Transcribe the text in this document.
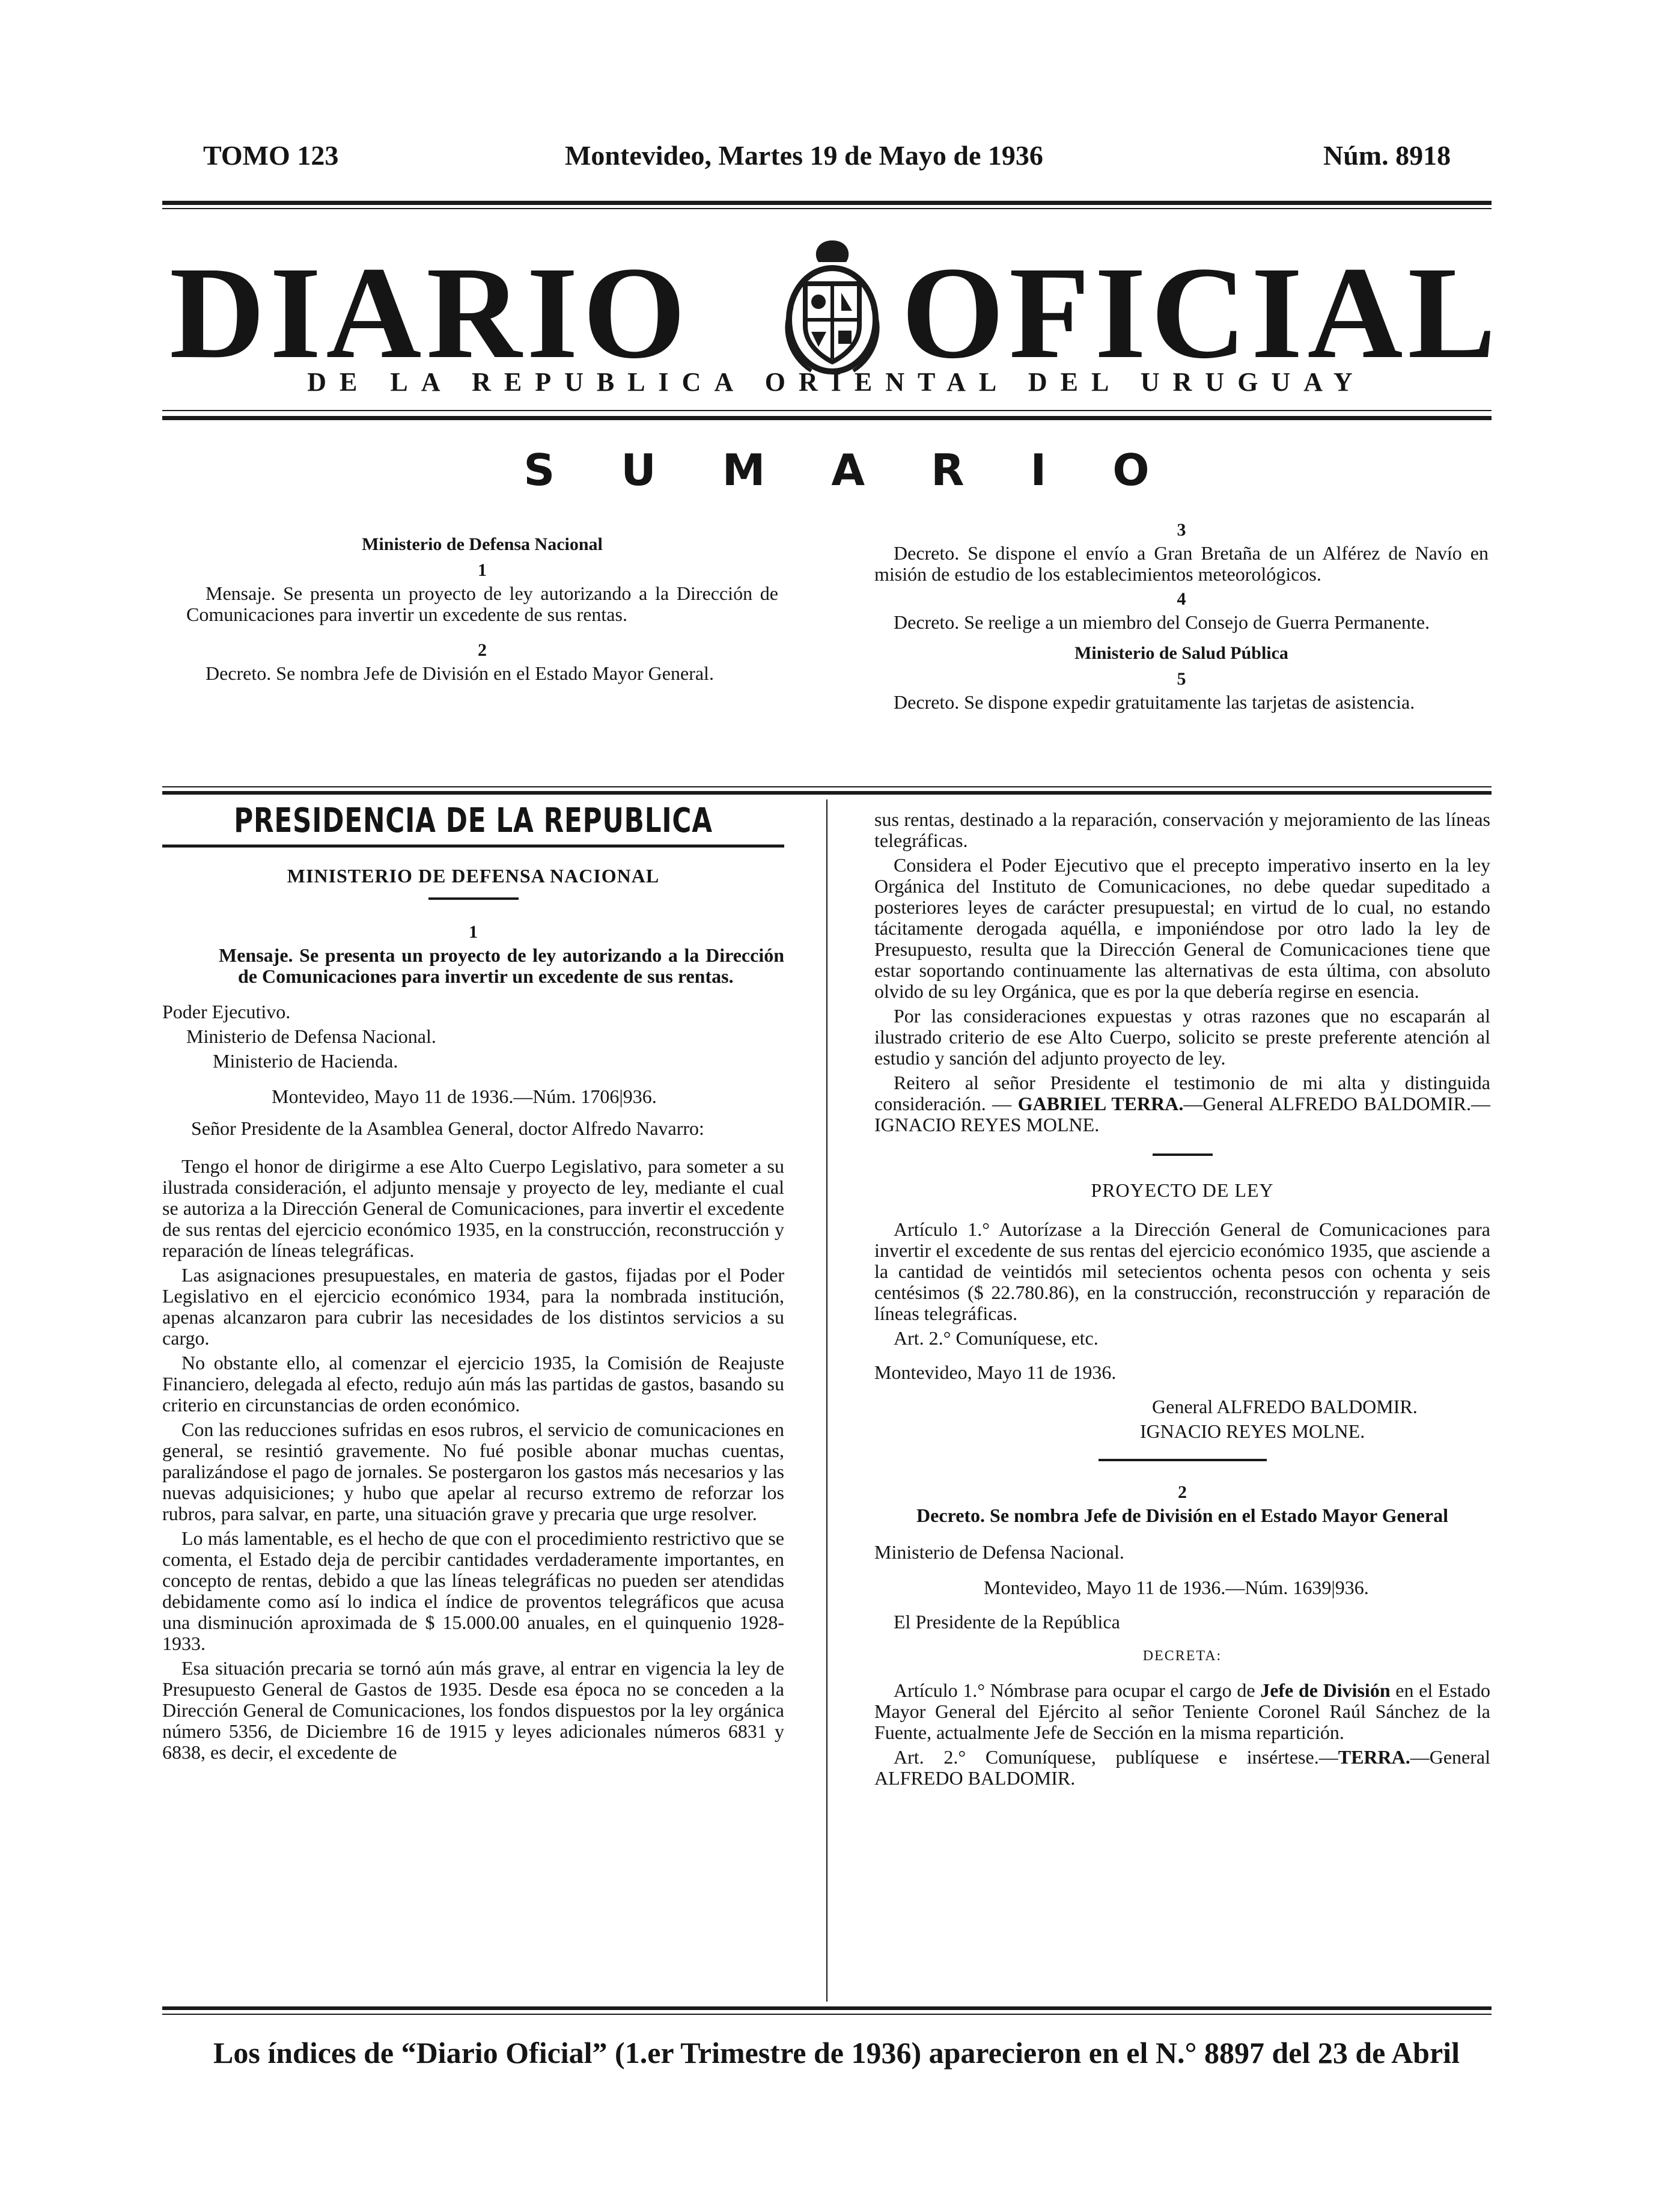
TOMO 123	Montevideo, Martes 19 de Mayo de 1936	Núm. 8918
DIARIO OFICIAL
DE LA REPUBLICA ORIENTAL DEL URUGUAY
SUMARIO
Ministerio de Defensa Nacional
1

Mensaje. Se presenta un proyecto de ley autorizando a la Dirección de Comunicaciones para invertir un excedente de sus rentas.

2

Decreto. Se nombra Jefe de División en el Estado Mayor General.

3

Decreto. Se dispone el envío a Gran Bretaña de un Alférez de Navío en misión de estudio de los establecimientos meteorológicos.

4

Decreto. Se reelige a un miembro del Consejo de Guerra Permanente.

Ministerio de Salud Pública
5

Decreto. Se dispone expedir gratuitamente las tarjetas de asistencia.

PRESIDENCIA DE LA REPUBLICA
MINISTERIO DE DEFENSA NACIONAL
1

Mensaje. Se presenta un proyecto de ley autorizando a la Dirección de Comunicaciones para invertir un excedente de sus rentas.

Poder Ejecutivo.

Ministerio de Defensa Nacional.

Ministerio de Hacienda.

Montevideo, Mayo 11 de 1936.—Núm. 1706|936.

Señor Presidente de la Asamblea General, doctor Alfredo Navarro:

Tengo el honor de dirigirme a ese Alto Cuerpo Legislativo, para someter a su ilustrada consideración, el adjunto mensaje y proyecto de ley, mediante el cual se autoriza a la Dirección General de Comunicaciones, para invertir el excedente de sus rentas del ejercicio económico 1935, en la construcción, reconstrucción y reparación de líneas telegráficas.

Las asignaciones presupuestales, en materia de gastos, fijadas por el Poder Legislativo en el ejercicio económico 1934, para la nombrada institución, apenas alcanzaron para cubrir las necesidades de los distintos servicios a su cargo.

No obstante ello, al comenzar el ejercicio 1935, la Comisión de Reajuste Financiero, delegada al efecto, redujo aún más las partidas de gastos, basando su criterio en circunstancias de orden económico.

Con las reducciones sufridas en esos rubros, el servicio de comunicaciones en general, se resintió gravemente. No fué posible abonar muchas cuentas, paralizándose el pago de jornales. Se postergaron los gastos más necesarios y las nuevas adquisiciones; y hubo que apelar al recurso extremo de reforzar los rubros, para salvar, en parte, una situación grave y precaria que urge resolver.

Lo más lamentable, es el hecho de que con el procedimiento restrictivo que se comenta, el Estado deja de percibir cantidades verdaderamente importantes, en concepto de rentas, debido a que las líneas telegráficas no pueden ser atendidas debidamente como así lo indica el índice de proventos telegráficos que acusa una disminución aproximada de $ 15.000.00 anuales, en el quinquenio 1928-1933.

Esa situación precaria se tornó aún más grave, al entrar en vigencia la ley de Presupuesto General de Gastos de 1935. Desde esa época no se conceden a la Dirección General de Comunicaciones, los fondos dispuestos por la ley orgánica número 5356, de Diciembre 16 de 1915 y leyes adicionales números 6831 y 6838, es decir, el excedente de

sus rentas, destinado a la reparación, conservación y mejoramiento de las líneas telegráficas.

Considera el Poder Ejecutivo que el precepto imperativo inserto en la ley Orgánica del Instituto de Comunicaciones, no debe quedar supeditado a posteriores leyes de carácter presupuestal; en virtud de lo cual, no estando tácitamente derogada aquélla, e imponiéndose por otro lado la ley de Presupuesto, resulta que la Dirección General de Comunicaciones tiene que estar soportando continuamente las alternativas de esta última, con absoluto olvido de su ley Orgánica, que es por la que debería regirse en esencia.

Por las consideraciones expuestas y otras razones que no escaparán al ilustrado criterio de ese Alto Cuerpo, solicito se preste preferente atención al estudio y sanción del adjunto proyecto de ley.

Reitero al señor Presidente el testimonio de mi alta y distinguida consideración. — GABRIEL TERRA.—General ALFREDO BALDOMIR.—IGNACIO REYES MOLNE.

PROYECTO DE LEY

Artículo 1.° Autorízase a la Dirección General de Comunicaciones para invertir el excedente de sus rentas del ejercicio económico 1935, que asciende a la cantidad de veintidós mil setecientos ochenta pesos con ochenta y seis centésimos ($ 22.780.86), en la construcción, reconstrucción y reparación de líneas telegráficas.

Art. 2.° Comuníquese, etc.

Montevideo, Mayo 11 de 1936.

General ALFREDO BALDOMIR.

IGNACIO REYES MOLNE.

2

Decreto. Se nombra Jefe de División en el Estado Mayor General

Ministerio de Defensa Nacional.

Montevideo, Mayo 11 de 1936.—Núm. 1639|936.

El Presidente de la República

DECRETA:

Artículo 1.° Nómbrase para ocupar el cargo de Jefe de División en el Estado Mayor General del Ejército al señor Teniente Coronel Raúl Sánchez de la Fuente, actualmente Jefe de Sección en la misma repartición.

Art. 2.° Comuníquese, publíquese e insértese.—TERRA.—General ALFREDO BALDOMIR.

Los índices de “Diario Oficial” (1.er Trimestre de 1936) aparecieron en el N.° 8897 del 23 de Abril
